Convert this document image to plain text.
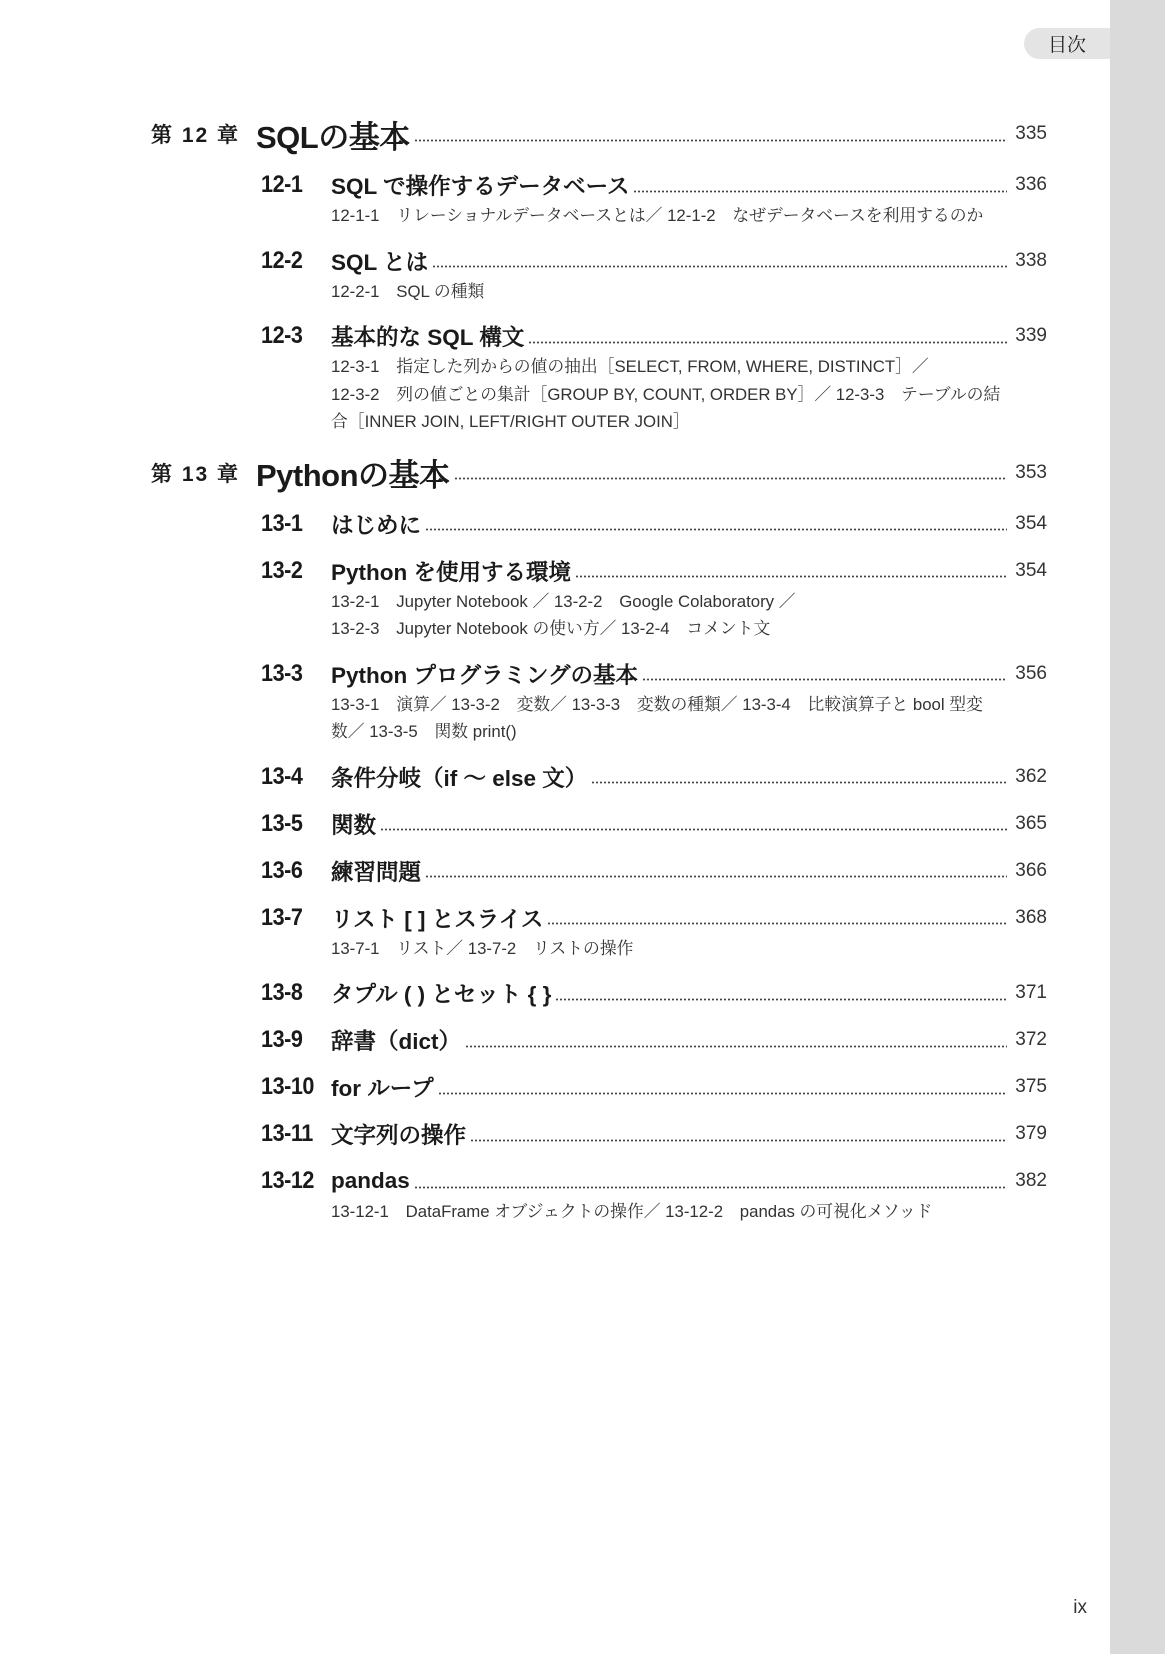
目次
第 12 章 SQLの基本	335
12-1	SQL で操作するデータベース	336
12-1-1　リレーショナルデータベースとは／ 12-1-2　なぜデータベースを利用するのか
12-2	SQL とは	338
12-2-1　SQL の種類
12-3	基本的な SQL 構文	339
12-3-1　指定した列からの値の抽出［SELECT, FROM, WHERE, DISTINCT］／
12-3-2　列の値ごとの集計［GROUP BY, COUNT, ORDER BY］／ 12-3-3　テーブルの結
合［INNER JOIN, LEFT/RIGHT OUTER JOIN］
第 13 章 Pythonの基本	353
13-1	はじめに	354
13-2	Python を使用する環境	354
13-2-1　Jupyter Notebook ／ 13-2-2　Google Colaboratory ／
13-2-3　Jupyter Notebook の使い方／ 13-2-4　コメント文
13-3	Python プログラミングの基本	356
13-3-1　演算／ 13-3-2　変数／ 13-3-3　変数の種類／ 13-3-4　比較演算子と bool 型変
数／ 13-3-5　関数 print()
13-4	条件分岐（if ～ else 文）	362
13-5	関数	365
13-6	練習問題	366
13-7	リスト [ ] とスライス	368
13-7-1　リスト／ 13-7-2　リストの操作
13-8	タプル ( ) とセット { }	371
13-9	辞書（dict）	372
13-10 for ループ	375
13-11 文字列の操作	379
13-12 pandas	382
13-12-1　DataFrame オブジェクトの操作／ 13-12-2　pandas の可視化メソッド
ix
